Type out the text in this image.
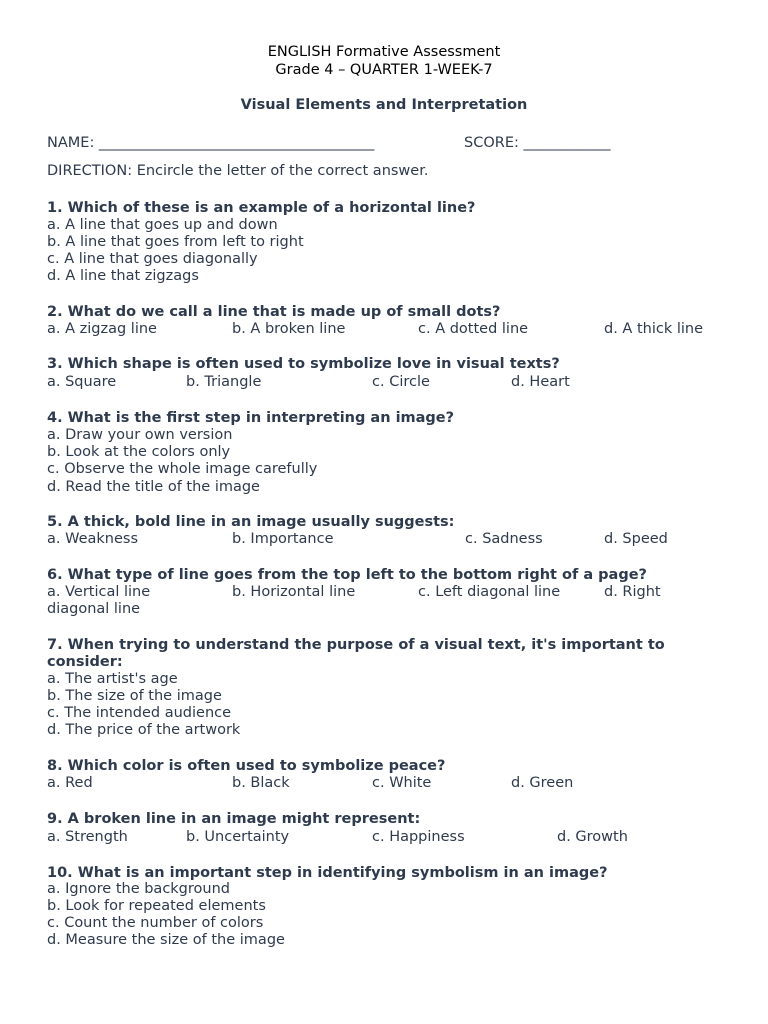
ENGLISH Formative Assessment
Grade 4 – QUARTER 1-WEEK-7
Visual Elements and Interpretation
NAME: ______________________________________	SCORE: ____________
DIRECTION: Encircle the letter of the correct answer.
1. Which of these is an example of a horizontal line?
a. A line that goes up and down
b. A line that goes from left to right
c. A line that goes diagonally
d. A line that zigzags
2. What do we call a line that is made up of small dots?
a. A zigzag line	b. A broken line	c. A dotted line	d. A thick line
3. Which shape is often used to symbolize love in visual texts?
a. Square	b. Triangle	c. Circle	d. Heart
4. What is the first step in interpreting an image?
a. Draw your own version
b. Look at the colors only
c. Observe the whole image carefully
d. Read the title of the image
5. A thick, bold line in an image usually suggests:
a. Weakness	b. Importance	c. Sadness	d. Speed
6. What type of line goes from the top left to the bottom right of a page?
a. Vertical line	b. Horizontal line	c. Left diagonal line	d. Right
diagonal line
7. When trying to understand the purpose of a visual text, it's important to
consider:
a. The artist's age
b. The size of the image
c. The intended audience
d. The price of the artwork
8. Which color is often used to symbolize peace?
a. Red	b. Black	c. White	d. Green
9. A broken line in an image might represent:
a. Strength	b. Uncertainty	c. Happiness	d. Growth
10. What is an important step in identifying symbolism in an image?
a. Ignore the background
b. Look for repeated elements
c. Count the number of colors
d. Measure the size of the image
